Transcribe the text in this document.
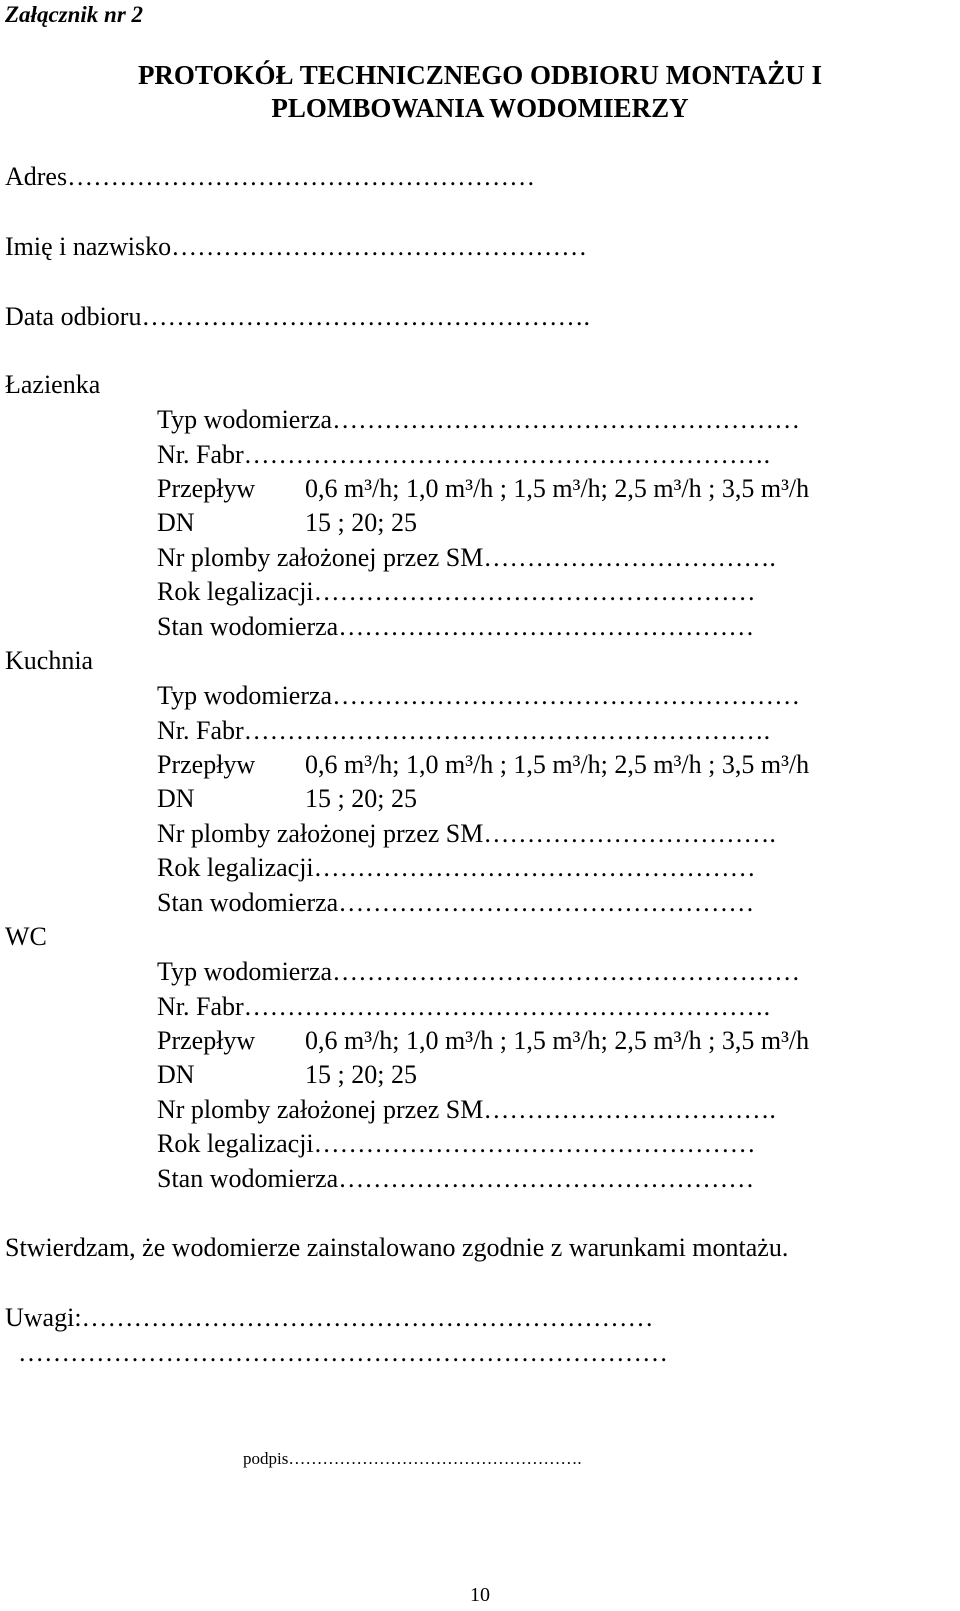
Załącznik nr 2
PROTOKÓŁ TECHNICZNEGO ODBIORU MONTAŻU I
PLOMBOWANIA WODOMIERZY
Adres………………………………………………
Imię i nazwisko…………………………………………
Data odbioru…………………………………………….
Łazienka
Typ wodomierza………………………………………………
Nr. Fabr…………………………………………………….
Przepływ 0,6 m³/h; 1,0 m³/h ; 1,5 m³/h; 2,5 m³/h ; 3,5 m³/h
DN	15 ; 20; 25
Nr plomby założonej przez SM…………………………….
Rok legalizacji……………………………………………
Stan wodomierza…………………………………………
Kuchnia
Typ wodomierza………………………………………………
Nr. Fabr…………………………………………………….
Przepływ 0,6 m³/h; 1,0 m³/h ; 1,5 m³/h; 2,5 m³/h ; 3,5 m³/h
DN	15 ; 20; 25
Nr plomby założonej przez SM…………………………….
Rok legalizacji……………………………………………
Stan wodomierza…………………………………………
WC
Typ wodomierza………………………………………………
Nr. Fabr…………………………………………………….
Przepływ 0,6 m³/h; 1,0 m³/h ; 1,5 m³/h; 2,5 m³/h ; 3,5 m³/h
DN	15 ; 20; 25
Nr plomby założonej przez SM…………………………….
Rok legalizacji……………………………………………
Stan wodomierza…………………………………………
Stwierdzam, że wodomierze zainstalowano zgodnie z warunkami montażu.
Uwagi:…………………………………………………………
…………………………………………………………………
podpis…………………………………………….
10
